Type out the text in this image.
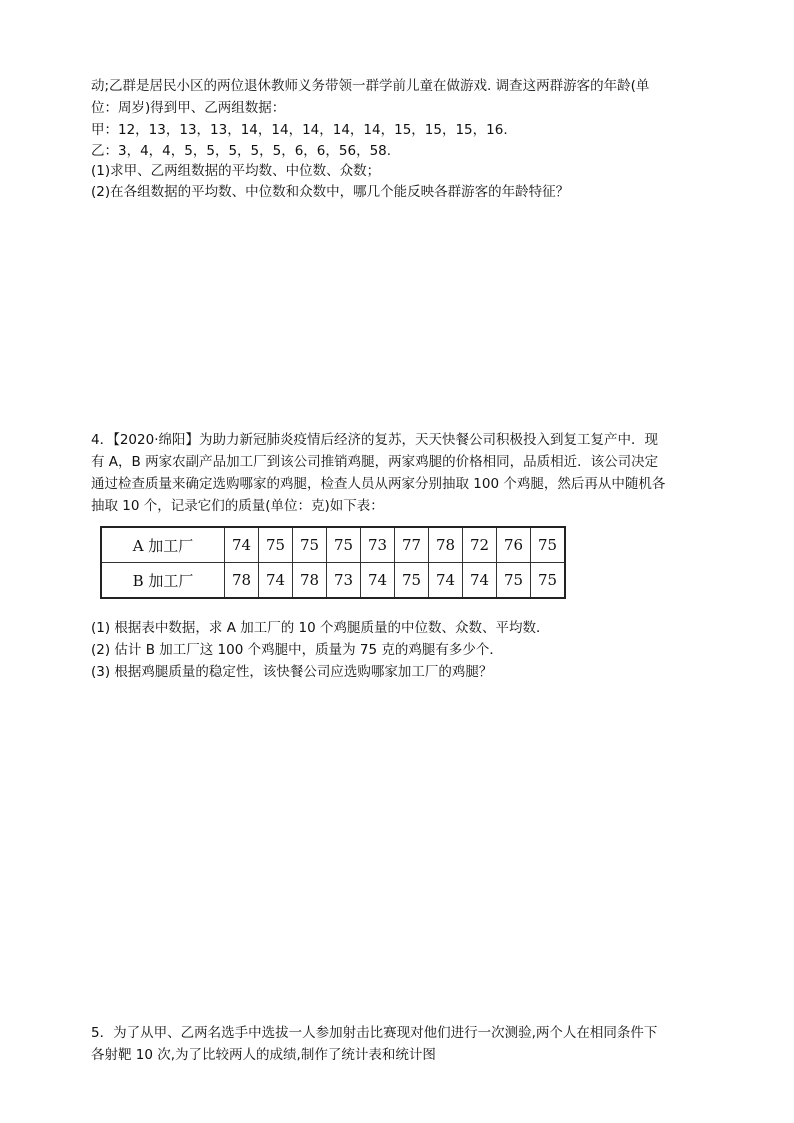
动;乙群是居民小区的两位退休教师义务带领一群学前儿童在做游戏. 调查这两群游客的年龄(单
位：周岁)得到甲、乙两组数据：
甲：12，13，13，13，14，14，14，14，14，15，15，15，16.
乙：3，4，4，5，5，5，5，5，6，6，56，58.
(1)求甲、乙两组数据的平均数、中位数、众数；
(2)在各组数据的平均数、中位数和众数中，哪几个能反映各群游客的年龄特征？
4．【2020·绵阳】为助力新冠肺炎疫情后经济的复苏，天天快餐公司积极投入到复工复产中．现
有 A，B 两家农副产品加工厂到该公司推销鸡腿，两家鸡腿的价格相同，品质相近．该公司决定
通过检查质量来确定选购哪家的鸡腿，检查人员从两家分别抽取 100 个鸡腿，然后再从中随机各
抽取 10 个，记录它们的质量(单位：克)如下表：
A 加工厂	74	75	75	75	73	77	78	72	76	75
B 加工厂	78	74	78	73	74	75	74	74	75	75
(1) 根据表中数据，求 A 加工厂的 10 个鸡腿质量的中位数、众数、平均数．
(2) 估计 B 加工厂这 100 个鸡腿中，质量为 75 克的鸡腿有多少个．
(3) 根据鸡腿质量的稳定性，该快餐公司应选购哪家加工厂的鸡腿？
5．为了从甲、乙两名选手中选拔一人参加射击比赛现对他们进行一次测验,两个人在相同条件下
各射靶 10 次,为了比较两人的成绩,制作了统计表和统计图
